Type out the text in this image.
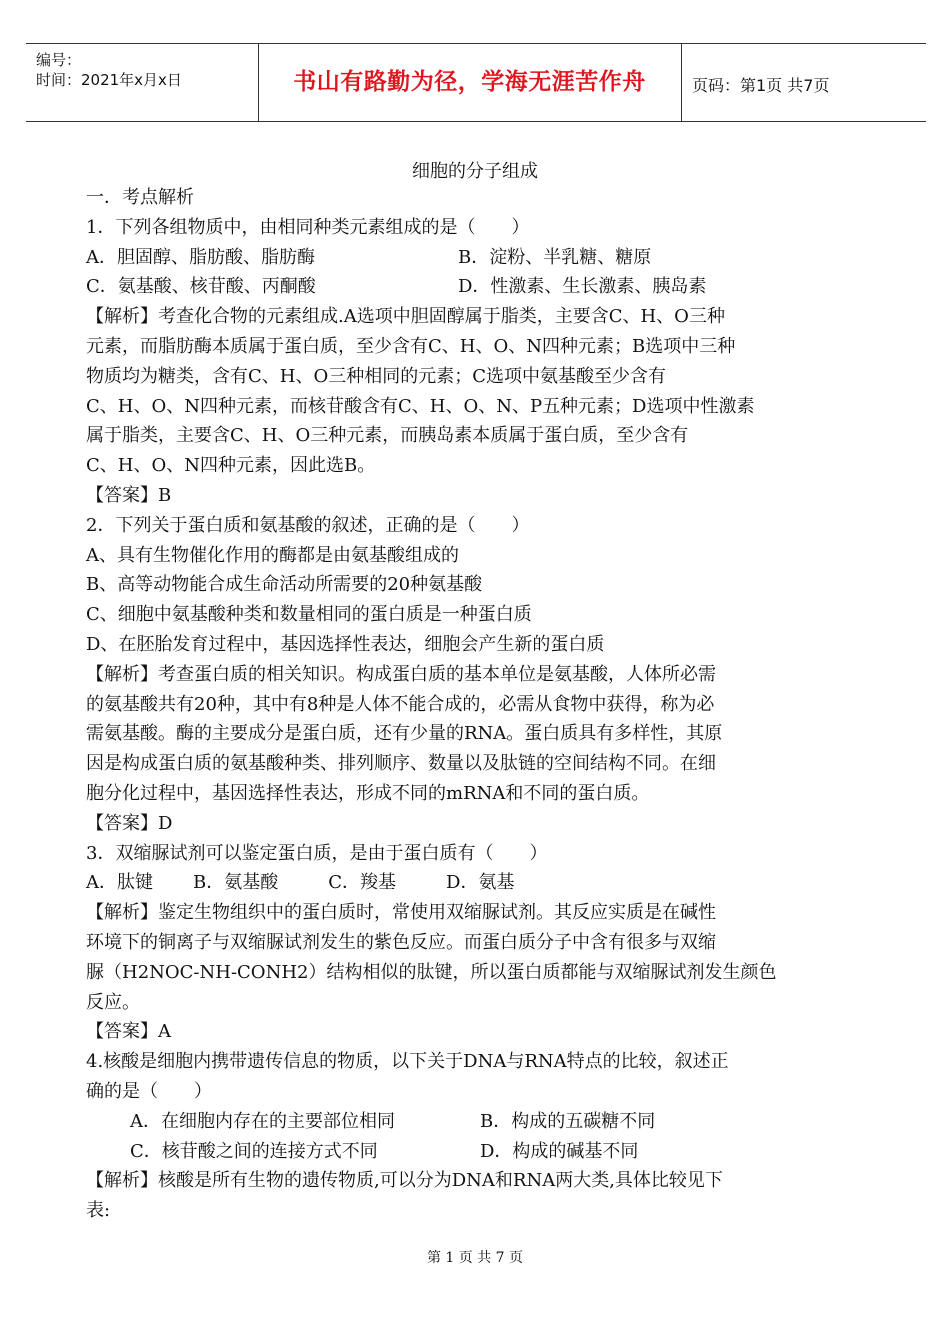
编号：
时间：2021年x月x日	书山有路勤为径，学海无涯苦作舟	页码：第1页 共7页
细胞的分子组成

一．考点解析

1．下列各组物质中，由相同种类元素组成的是（　　）

A．胆固醇、脂肪酸、脂肪酶	B．淀粉、半乳糖、糖原
C．氨基酸、核苷酸、丙酮酸	D．性激素、生长激素、胰岛素

【解析】考查化合物的元素组成.A选项中胆固醇属于脂类，主要含C、H、O三种

元素，而脂肪酶本质属于蛋白质，至少含有C、H、O、N四种元素；B选项中三种

物质均为糖类，含有C、H、O三种相同的元素；C选项中氨基酸至少含有

C、H、O、N四种元素，而核苷酸含有C、H、O、N、P五种元素；D选项中性激素

属于脂类，主要含C、H、O三种元素，而胰岛素本质属于蛋白质，至少含有

C、H、O、N四种元素，因此选B。

【答案】B

2．下列关于蛋白质和氨基酸的叙述，正确的是（　　）

A、具有生物催化作用的酶都是由氨基酸组成的

B、高等动物能合成生命活动所需要的20种氨基酸

C、细胞中氨基酸种类和数量相同的蛋白质是一种蛋白质

D、在胚胎发育过程中，基因选择性表达，细胞会产生新的蛋白质

【解析】考查蛋白质的相关知识。构成蛋白质的基本单位是氨基酸，人体所必需

的氨基酸共有20种，其中有8种是人体不能合成的，必需从食物中获得，称为必

需氨基酸。酶的主要成分是蛋白质，还有少量的RNA。蛋白质具有多样性，其原

因是构成蛋白质的氨基酸种类、排列顺序、数量以及肽链的空间结构不同。在细

胞分化过程中，基因选择性表达，形成不同的mRNA和不同的蛋白质。

【答案】D

3．双缩脲试剂可以鉴定蛋白质，是由于蛋白质有（　　）

A．肽键 B．氨基酸	C．羧基	D．氨基

【解析】鉴定生物组织中的蛋白质时，常使用双缩脲试剂。其反应实质是在碱性

环境下的铜离子与双缩脲试剂发生的紫色反应。而蛋白质分子中含有很多与双缩

脲（H2NOC-NH-CONH2）结构相似的肽键，所以蛋白质都能与双缩脲试剂发生颜色

反应。

【答案】A

4.核酸是细胞内携带遗传信息的物质，以下关于DNA与RNA特点的比较，叙述正

确的是（　　）

A．在细胞内存在的主要部位相同	B．构成的五碳糖不同
C．核苷酸之间的连接方式不同	D．构成的碱基不同

【解析】核酸是所有生物的遗传物质,可以分为DNA和RNA两大类,具体比较见下

表:

第 1 页 共 7 页
